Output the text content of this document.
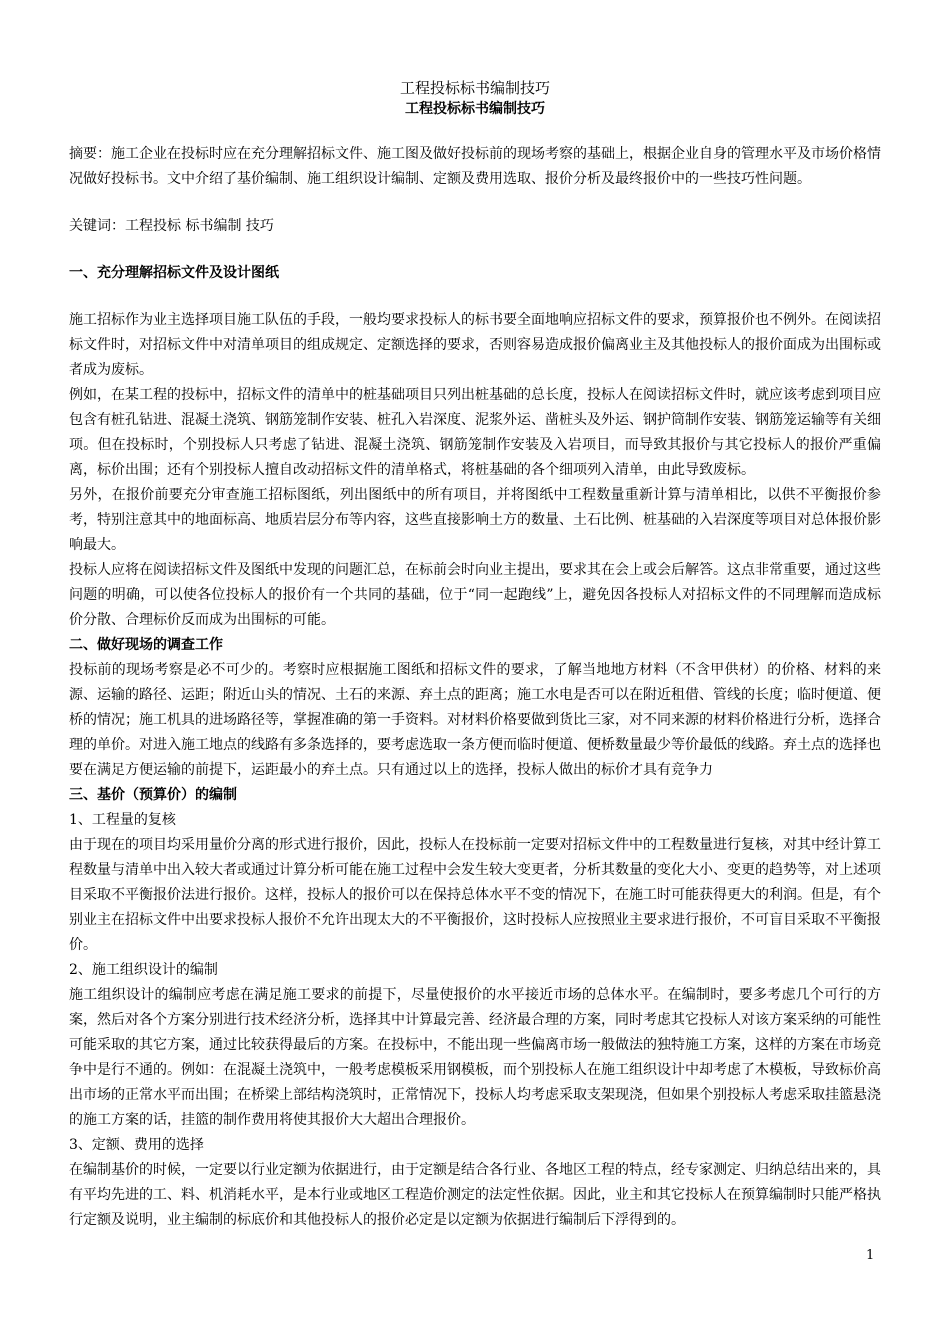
工程投标标书编制技巧
工程投标标书编制技巧

摘要：施工企业在投标时应在充分理解招标文件、施工图及做好投标前的现场考察的基础上，根据企业自身的管理水平及市场价格情况做好投标书。文中介绍了基价编制、施工组织设计编制、定额及费用选取、报价分析及最终报价中的一些技巧性问题。

关键词：工程投标 标书编制 技巧

一、充分理解招标文件及设计图纸

施工招标作为业主选择项目施工队伍的手段，一般均要求投标人的标书要全面地响应招标文件的要求，预算报价也不例外。在阅读招标文件时，对招标文件中对清单项目的组成规定、定额选择的要求，否则容易造成报价偏离业主及其他投标人的报价面成为出围标或者成为废标。

例如，在某工程的投标中，招标文件的清单中的桩基础项目只列出桩基础的总长度，投标人在阅读招标文件时，就应该考虑到项目应包含有桩孔钻进、混凝土浇筑、钢筋笼制作安装、桩孔入岩深度、泥浆外运、凿桩头及外运、钢护筒制作安装、钢筋笼运输等有关细项。但在投标时，个别投标人只考虑了钻进、混凝土浇筑、钢筋笼制作安装及入岩项目，而导致其报价与其它投标人的报价严重偏离，标价出围；还有个别投标人擅自改动招标文件的清单格式，将桩基础的各个细项列入清单，由此导致废标。

另外，在报价前要充分审查施工招标图纸，列出图纸中的所有项目，并将图纸中工程数量重新计算与清单相比，以供不平衡报价参考，特别注意其中的地面标高、地质岩层分布等内容，这些直接影响土方的数量、土石比例、桩基础的入岩深度等项目对总体报价影响最大。

投标人应将在阅读招标文件及图纸中发现的问题汇总，在标前会时向业主提出，要求其在会上或会后解答。这点非常重要，通过这些问题的明确，可以使各位投标人的报价有一个共同的基础，位于“同一起跑线”上，避免因各投标人对招标文件的不同理解而造成标价分散、合理标价反而成为出围标的可能。

二、做好现场的调查工作

投标前的现场考察是必不可少的。考察时应根据施工图纸和招标文件的要求，了解当地地方材料（不含甲供材）的价格、材料的来源、运输的路径、运距；附近山头的情况、土石的来源、弃土点的距离；施工水电是否可以在附近租借、管线的长度；临时便道、便桥的情况；施工机具的进场路径等，掌握准确的第一手资料。对材料价格要做到货比三家，对不同来源的材料价格进行分析，选择合理的单价。对进入施工地点的线路有多条选择的，要考虑选取一条方便而临时便道、便桥数量最少等价最低的线路。弃土点的选择也要在满足方便运输的前提下，运距最小的弃土点。只有通过以上的选择，投标人做出的标价才具有竞争力

三、基价（预算价）的编制
1、工程量的复核

由于现在的项目均采用量价分离的形式进行报价，因此，投标人在投标前一定要对招标文件中的工程数量进行复核，对其中经计算工程数量与清单中出入较大者或通过计算分析可能在施工过程中会发生较大变更者，分析其数量的变化大小、变更的趋势等，对上述项目采取不平衡报价法进行报价。这样，投标人的报价可以在保持总体水平不变的情况下，在施工时可能获得更大的利润。但是，有个别业主在招标文件中出要求投标人报价不允许出现太大的不平衡报价，这时投标人应按照业主要求进行报价，不可盲目采取不平衡报价。

2、施工组织设计的编制

施工组织设计的编制应考虑在满足施工要求的前提下，尽量使报价的水平接近市场的总体水平。在编制时，要多考虑几个可行的方案，然后对各个方案分别进行技术经济分析，选择其中计算最完善、经济最合理的方案，同时考虑其它投标人对该方案采纳的可能性可能采取的其它方案，通过比较获得最后的方案。在投标中，不能出现一些偏离市场一般做法的独特施工方案，这样的方案在市场竞争中是行不通的。例如：在混凝土浇筑中，一般考虑模板采用钢模板，而个别投标人在施工组织设计中却考虑了木模板，导致标价高出市场的正常水平而出围；在桥梁上部结构浇筑时，正常情况下，投标人均考虑采取支架现浇，但如果个别投标人考虑采取挂篮悬浇的施工方案的话，挂篮的制作费用将使其报价大大超出合理报价。

3、定额、费用的选择

在编制基价的时候，一定要以行业定额为依据进行，由于定额是结合各行业、各地区工程的特点，经专家测定、归纳总结出来的，具有平均先进的工、料、机消耗水平，是本行业或地区工程造价测定的法定性依据。因此，业主和其它投标人在预算编制时只能严格执行定额及说明，业主编制的标底价和其他投标人的报价必定是以定额为依据进行编制后下浮得到的。

1
